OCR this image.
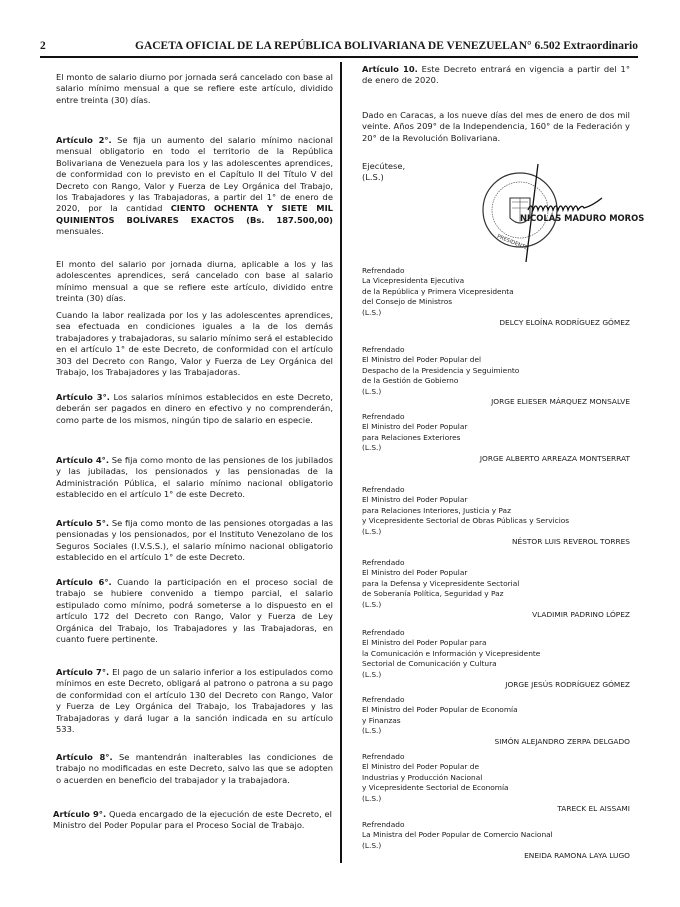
2	GACETA OFICIAL DE LA REPÚBLICA BOLIVARIANA DE VENEZUELA N° 6.502 Extraordinario

El monto de salario diurno por jornada será cancelado con base al salario mínimo mensual a que se refiere este artículo, dividido entre treinta (30) días.

Artículo 2°. Se fija un aumento del salario mínimo nacional mensual obligatorio en todo el territorio de la República Bolivariana de Venezuela para los y las adolescentes aprendices, de conformidad con lo previsto en el Capítulo II del Título V del Decreto con Rango, Valor y Fuerza de Ley Orgánica del Trabajo, los Trabajadores y las Trabajadoras, a partir del 1° de enero de 2020, por la cantidad CIENTO OCHENTA Y SIETE MIL QUINIENTOS BOLÍVARES EXACTOS (Bs. 187.500,00) mensuales.

El monto del salario por jornada diurna, aplicable a los y las adolescentes aprendices, será cancelado con base al salario mínimo mensual a que se refiere este artículo, dividido entre treinta (30) días.

Cuando la labor realizada por los y las adolescentes aprendices, sea efectuada en condiciones iguales a la de los demás trabajadores y trabajadoras, su salario mínimo será el establecido en el artículo 1° de este Decreto, de conformidad con el artículo 303 del Decreto con Rango, Valor y Fuerza de Ley Orgánica del Trabajo, los Trabajadores y las Trabajadoras.

Artículo 3°. Los salarios mínimos establecidos en este Decreto, deberán ser pagados en dinero en efectivo y no comprenderán, como parte de los mismos, ningún tipo de salario en especie.

Artículo 4°. Se fija como monto de las pensiones de los jubilados y las jubiladas, los pensionados y las pensionadas de la Administración Pública, el salario mínimo nacional obligatorio establecido en el artículo 1° de este Decreto.

Artículo 5°. Se fija como monto de las pensiones otorgadas a las pensionadas y los pensionados, por el Instituto Venezolano de los Seguros Sociales (I.V.S.S.), el salario mínimo nacional obligatorio establecido en el artículo 1° de este Decreto.

Artículo 6°. Cuando la participación en el proceso social de trabajo se hubiere convenido a tiempo parcial, el salario estipulado como mínimo, podrá someterse a lo dispuesto en el artículo 172 del Decreto con Rango, Valor y Fuerza de Ley Orgánica del Trabajo, los Trabajadores y las Trabajadoras, en cuanto fuere pertinente.

Artículo 7°. El pago de un salario inferior a los estipulados como mínimos en este Decreto, obligará al patrono o patrona a su pago de conformidad con el artículo 130 del Decreto con Rango, Valor y Fuerza de Ley Orgánica del Trabajo, los Trabajadores y las Trabajadoras y dará lugar a la sanción indicada en su artículo 533.

Artículo 8°. Se mantendrán inalterables las condiciones de trabajo no modificadas en este Decreto, salvo las que se adopten o acuerden en beneficio del trabajador y la trabajadora.

Artículo 9°. Queda encargado de la ejecución de este Decreto, el Ministro del Poder Popular para el Proceso Social de Trabajo.

Artículo 10. Este Decreto entrará en vigencia a partir del 1° de enero de 2020.

Dado en Caracas, a los nueve días del mes de enero de dos mil veinte. Años 209° de la Independencia, 160° de la Federación y 20° de la Revolución Bolivariana.

Ejecútese,
(L.S.)
PRESIDENTE
NICOLÁS MADURO MOROS
Refrendado
La Vicepresidenta Ejecutiva
de la República y Primera Vicepresidenta
del Consejo de Ministros
(L.S.)
DELCY ELOÍNA RODRÍGUEZ GÓMEZ
Refrendado
El Ministro del Poder Popular del
Despacho de la Presidencia y Seguimiento
de la Gestión de Gobierno
(L.S.)
JORGE ELIESER MÁRQUEZ MONSALVE
Refrendado
El Ministro del Poder Popular
para Relaciones Exteriores
(L.S.)
JORGE ALBERTO ARREAZA MONTSERRAT
Refrendado
El Ministro del Poder Popular
para Relaciones Interiores, Justicia y Paz
y Vicepresidente Sectorial de Obras Públicas y Servicios
(L.S.)
NÉSTOR LUIS REVEROL TORRES
Refrendado
El Ministro del Poder Popular
para la Defensa y Vicepresidente Sectorial
de Soberanía Política, Seguridad y Paz
(L.S.)
VLADIMIR PADRINO LÓPEZ
Refrendado
El Ministro del Poder Popular para
la Comunicación e Información y Vicepresidente
Sectorial de Comunicación y Cultura
(L.S.)
JORGE JESÚS RODRÍGUEZ GÓMEZ
Refrendado
El Ministro del Poder Popular de Economía
y Finanzas
(L.S.)
SIMÓN ALEJANDRO ZERPA DELGADO
Refrendado
El Ministro del Poder Popular de
Industrias y Producción Nacional
y Vicepresidente Sectorial de Economía
(L.S.)
TARECK EL AISSAMI
Refrendado
La Ministra del Poder Popular de Comercio Nacional
(L.S.)
ENEIDA RAMONA LAYA LUGO
